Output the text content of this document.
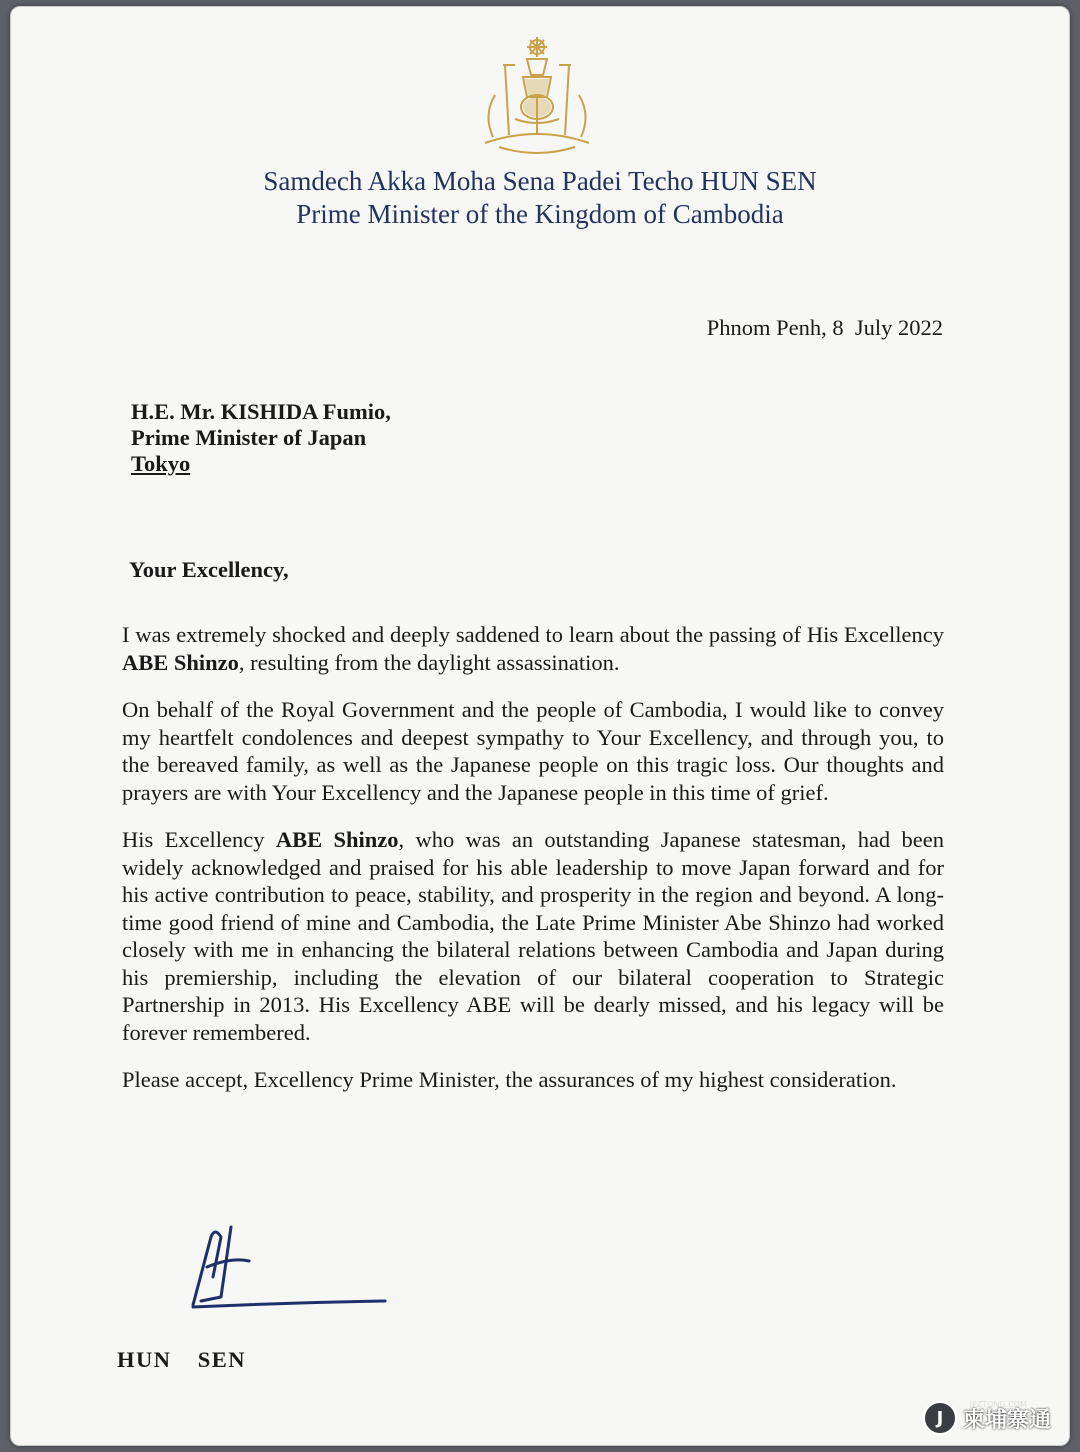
Samdech Akka Moha Sena Padei Techo HUN SEN
Prime Minister of the Kingdom of Cambodia
Phnom Penh, 8  July 2022
H.E. Mr. KISHIDA Fumio,
Prime Minister of Japan
Tokyo
Your Excellency,

I was extremely shocked and deeply saddened to learn about the passing of His Excellency ABE Shinzo, resulting from the daylight assassination.

On behalf of the Royal Government and the people of Cambodia, I would like to convey my heartfelt condolences and deepest sympathy to Your Excellency, and through you, to the bereaved family, as well as the Japanese people on this tragic loss. Our thoughts and prayers are with Your Excellency and the Japanese people in this time of grief.

His Excellency ABE Shinzo, who was an outstanding Japanese statesman, had been widely acknowledged and praised for his able leadership to move Japan forward and for his active contribution to peace, stability, and prosperity in the region and beyond. A long-time good friend of mine and Cambodia, the Late Prime Minister Abe Shinzo had worked closely with me in enhancing the bilateral relations between Cambodia and Japan during his premiership, including the elevation of our bilateral cooperation to Strategic Partnership in 2013. His Excellency ABE will be dearly missed, and his legacy will be forever remembered.

Please accept, Excellency Prime Minister, the assurances of my highest consideration.

HUN  SEN
JPZTONG.COM
J 柬埔寨通
